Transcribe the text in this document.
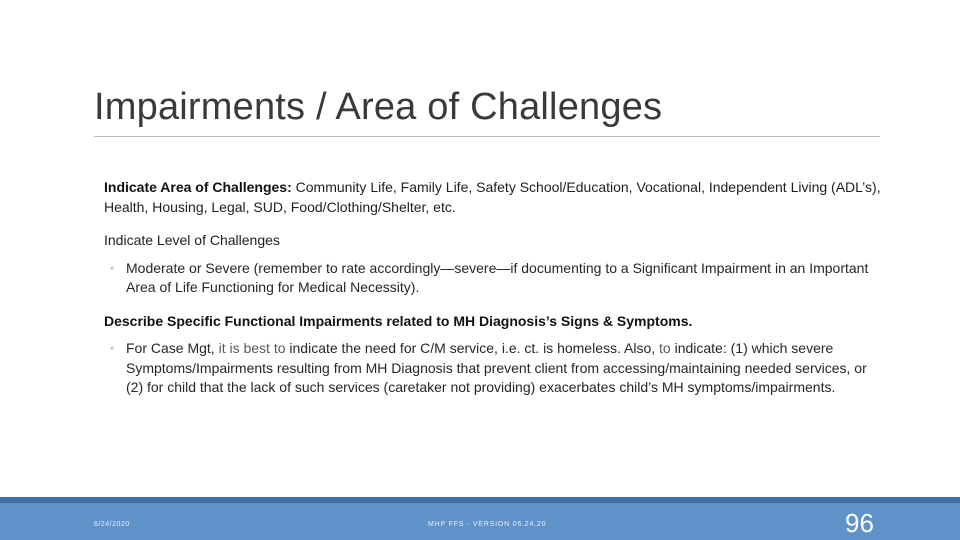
Impairments / Area of Challenges

Indicate Area of Challenges: Community Life, Family Life, Safety School/Education, Vocational, Independent Living (ADL’s), Health, Housing, Legal, SUD, Food/Clothing/Shelter, etc.

Indicate Level of Challenges

◦ Moderate or Severe (remember to rate accordingly—severe—if documenting to a Significant Impairment in an Important Area of Life Functioning for Medical Necessity).

Describe Specific Functional Impairments related to MH Diagnosis’s Signs & Symptoms.

◦ For Case Mgt, it is best to indicate the need for C/M service, i.e. ct. is homeless. Also, to indicate: (1) which severe Symptoms/Impairments resulting from MH Diagnosis that prevent client from accessing/maintaining needed services, or (2) for child that the lack of such services (caretaker not providing) exacerbates child’s MH symptoms/impairments.
6/24/2020	MHP FFS - VERSION 06.24.20	96
